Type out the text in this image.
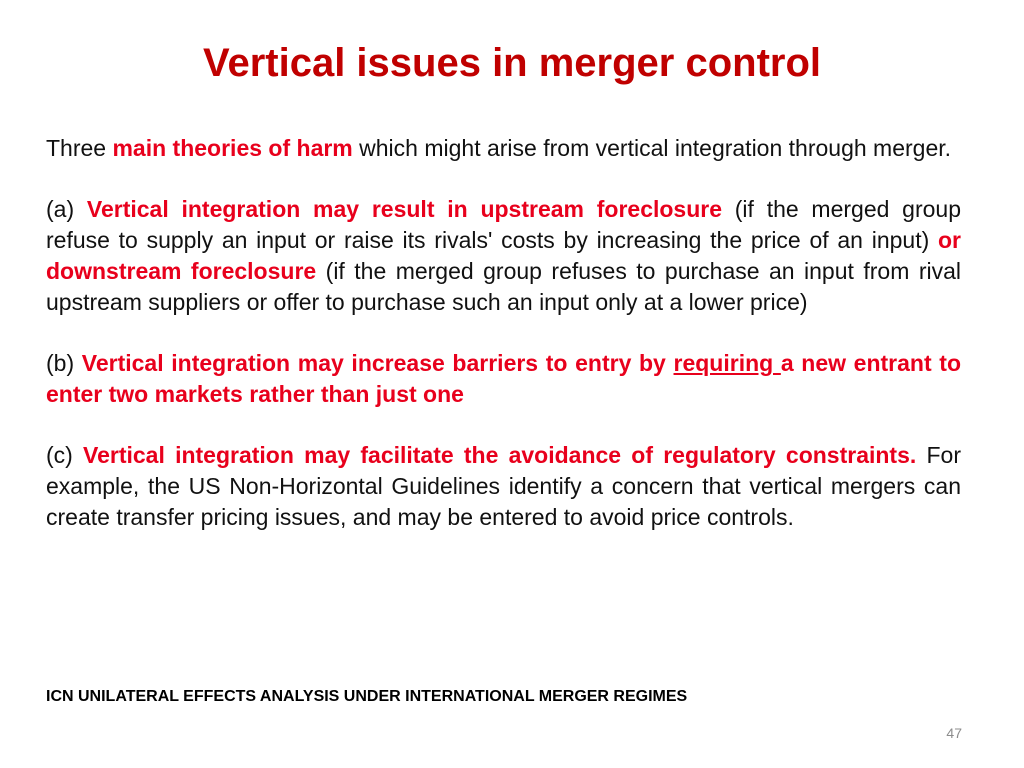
Vertical issues in merger control

Three main theories of harm which might arise from vertical integration through merger.

(a) Vertical integration may result in upstream foreclosure (if the merged group refuse to supply an input or raise its rivals' costs by increasing the price of an input) or downstream foreclosure (if the merged group refuses to purchase an input from rival upstream suppliers or offer to purchase such an input only at a lower price)

(b) Vertical integration may increase barriers to entry by requiring a new entrant to enter two markets rather than just one

(c) Vertical integration may facilitate the avoidance of regulatory constraints. For example, the US Non-Horizontal Guidelines identify a concern that vertical mergers can create transfer pricing issues, and may be entered to avoid price controls.

ICN UNILATERAL EFFECTS ANALYSIS UNDER INTERNATIONAL MERGER REGIMES
47
